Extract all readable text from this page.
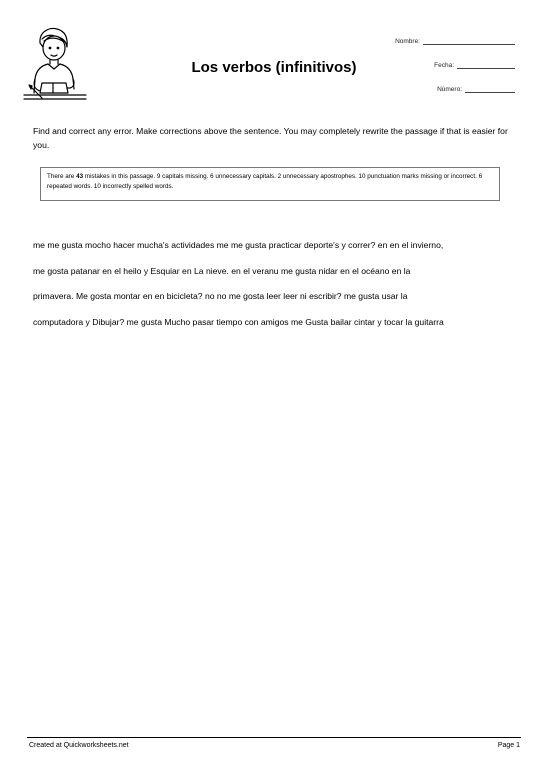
Los verbos (infinitivos)
Nombre:
Fecha:
Número:
Find and correct any error. Make corrections above the sentence. You may completely rewrite the passage if that is easier for you.
There are 43 mistakes in this passage. 9 capitals missing. 6 unnecessary capitals. 2 unnecessary apostrophes. 10 punctuation marks missing or incorrect. 6 repeated words. 10 incorrectly spelled words.
me me gusta mocho hacer mucha's actividades me me gusta practicar deporte's y correr? en en el invierno,
me gosta patanar en el heilo y Esquiar en La nieve. en el veranu me gusta nidar en el océano en la
primavera. Me gosta montar en en bicicleta? no no me gosta leer leer ni escribir? me gusta usar la
computadora y Dibujar? me gusta Mucho pasar tiempo con amigos me Gusta bailar cintar y tocar la guitarra
Created at Quickworksheets.net	Page 1
